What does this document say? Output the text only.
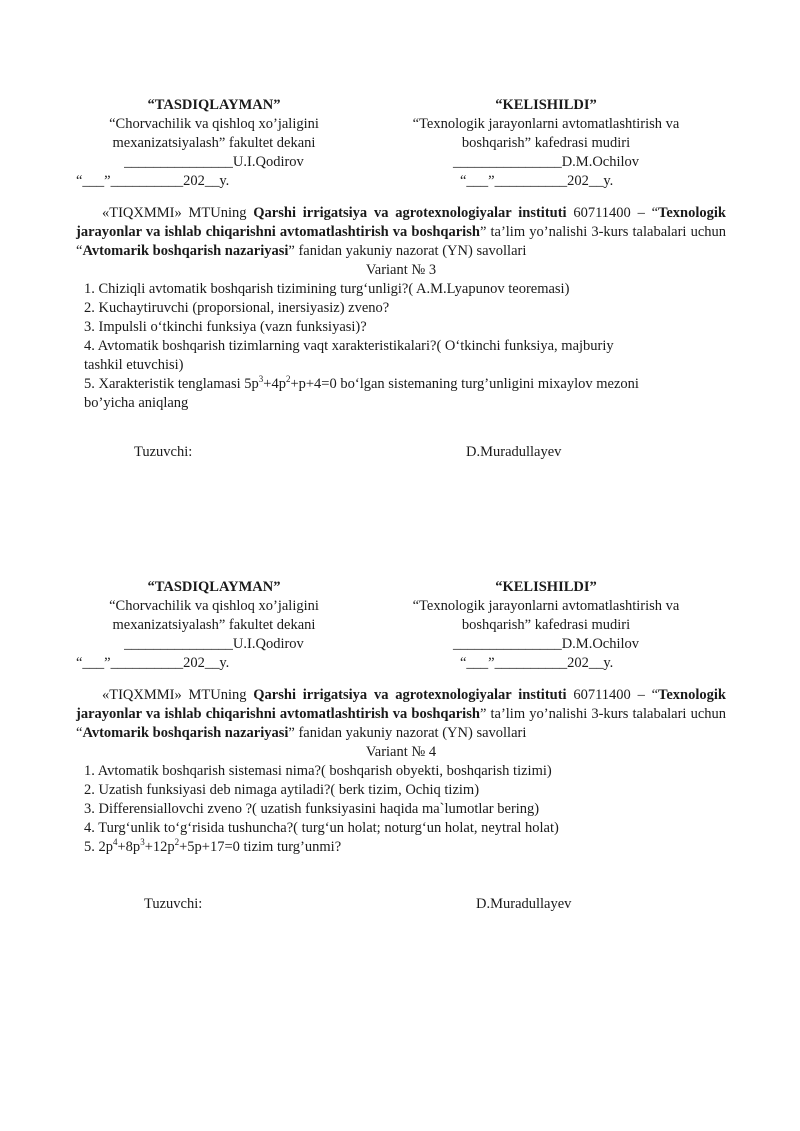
“TASDIQLAYMAN”
“Chorvachilik va qishloq xo’jaligini
mexanizatsiyalash” fakultet dekani
_______________U.I.Qodirov
“___”__________202__y.
“KELISHILDI”
“Texnologik jarayonlarni avtomatlashtirish va
boshqarish” kafedrasi mudiri
_______________D.M.Ochilov
“___”__________202__y.
«TIQXMMI» MTUning Qarshi irrigatsiya va agrotexnologiyalar instituti 60711400 – “Texnologik jarayonlar va ishlab chiqarishni avtomatlashtirish va boshqarish” ta’lim yo’nalishi 3-kurs talabalari uchun “Avtomarik boshqarish nazariyasi” fanidan yakuniy nazorat (YN) savollari
Variant № 3
1. Chiziqli avtomatik boshqarish tizimining turg‘unligi?( A.M.Lyapunov teoremasi)
2. Kuchaytiruvchi (proporsional, inersiyasiz) zveno?
3. Impulsli o‘tkinchi funksiya (vazn funksiyasi)?
4. Avtomatik boshqarish tizimlarning vaqt xarakteristikalari?( O‘tkinchi funksiya, majburiy
tashkil etuvchisi)
5. Xarakteristik tenglamasi $5p^3+4p^2+p+4=0$ bo‘lgan sistemaning turg’unligini mixaylov mezoni
bo’yicha aniqlang
Tuzuvchi:	D.Muradullayev
“TASDIQLAYMAN”
“Chorvachilik va qishloq xo’jaligini
mexanizatsiyalash” fakultet dekani
_______________U.I.Qodirov
“___”__________202__y.
“KELISHILDI”
“Texnologik jarayonlarni avtomatlashtirish va
boshqarish” kafedrasi mudiri
_______________D.M.Ochilov
“___”__________202__y.
«TIQXMMI» MTUning Qarshi irrigatsiya va agrotexnologiyalar instituti 60711400 – “Texnologik jarayonlar va ishlab chiqarishni avtomatlashtirish va boshqarish” ta’lim yo’nalishi 3-kurs talabalari uchun “Avtomarik boshqarish nazariyasi” fanidan yakuniy nazorat (YN) savollari
Variant № 4
1. Avtomatik boshqarish sistemasi nima?( boshqarish obyekti, boshqarish tizimi)
2. Uzatish funksiyasi deb nimaga aytiladi?( berk tizim, Ochiq tizim)
3. Differensiallovchi zveno ?( uzatish funksiyasini haqida ma`lumotlar bering)
4. Turg‘unlik to‘g‘risida tushuncha?( turg‘un holat; noturg‘un holat, neytral holat)
5. $2p^4+8p^3+12p^2+5p+17=0$ tizim turg’unmi?
Tuzuvchi:	D.Muradullayev
